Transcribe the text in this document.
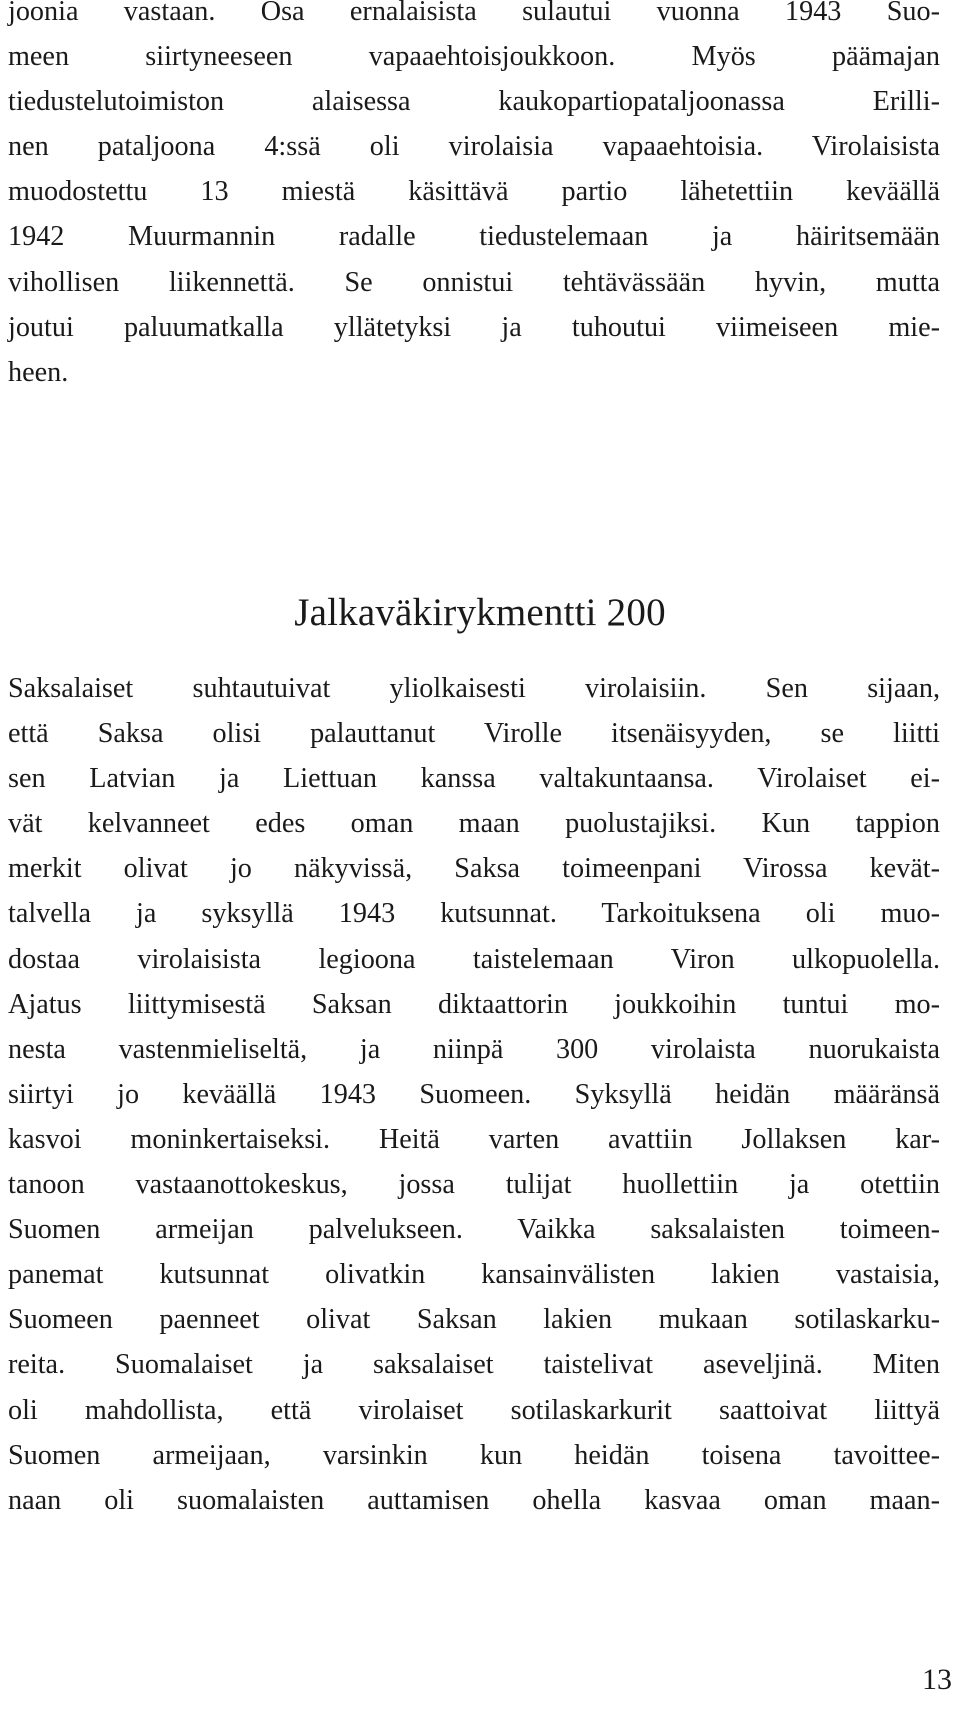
joonia vastaan. Osa ernalaisista sulautui vuonna 1943 Suo-
meen siirtyneeseen vapaaehtoisjoukkoon. Myös päämajan
tiedustelutoimiston alaisessa kaukopartiopataljoonassa Erilli-
nen pataljoona 4:ssä oli virolaisia vapaaehtoisia. Virolaisista
muodostettu 13 miestä käsittävä partio lähetettiin keväällä
1942 Muurmannin radalle tiedustelemaan ja häiritsemään
vihollisen liikennettä. Se onnistui tehtävässään hyvin, mutta
joutui paluumatkalla yllätetyksi ja tuhoutui viimeiseen mie-
heen.
Jalkaväkirykmentti 200
Saksalaiset suhtautuivat yliolkaisesti virolaisiin. Sen sijaan,
että Saksa olisi palauttanut Virolle itsenäisyyden, se liitti
sen Latvian ja Liettuan kanssa valtakuntaansa. Virolaiset ei-
vät kelvanneet edes oman maan puolustajiksi. Kun tappion
merkit olivat jo näkyvissä, Saksa toimeenpani Virossa kevät-
talvella ja syksyllä 1943 kutsunnat. Tarkoituksena oli muo-
dostaa virolaisista legioona taistelemaan Viron ulkopuolella.
Ajatus liittymisestä Saksan diktaattorin joukkoihin tuntui mo-
nesta vastenmieliseltä, ja niinpä 300 virolaista nuorukaista
siirtyi jo keväällä 1943 Suomeen. Syksyllä heidän määränsä
kasvoi moninkertaiseksi. Heitä varten avattiin Jollaksen kar-
tanoon vastaanottokeskus, jossa tulijat huollettiin ja otettiin
Suomen armeijan palvelukseen. Vaikka saksalaisten toimeen-
panemat kutsunnat olivatkin kansainvälisten lakien vastaisia,
Suomeen paenneet olivat Saksan lakien mukaan sotilaskarku-
reita. Suomalaiset ja saksalaiset taistelivat aseveljinä. Miten
oli mahdollista, että virolaiset sotilaskarkurit saattoivat liittyä
Suomen armeijaan, varsinkin kun heidän toisena tavoittee-
naan oli suomalaisten auttamisen ohella kasvaa oman maan-

13
